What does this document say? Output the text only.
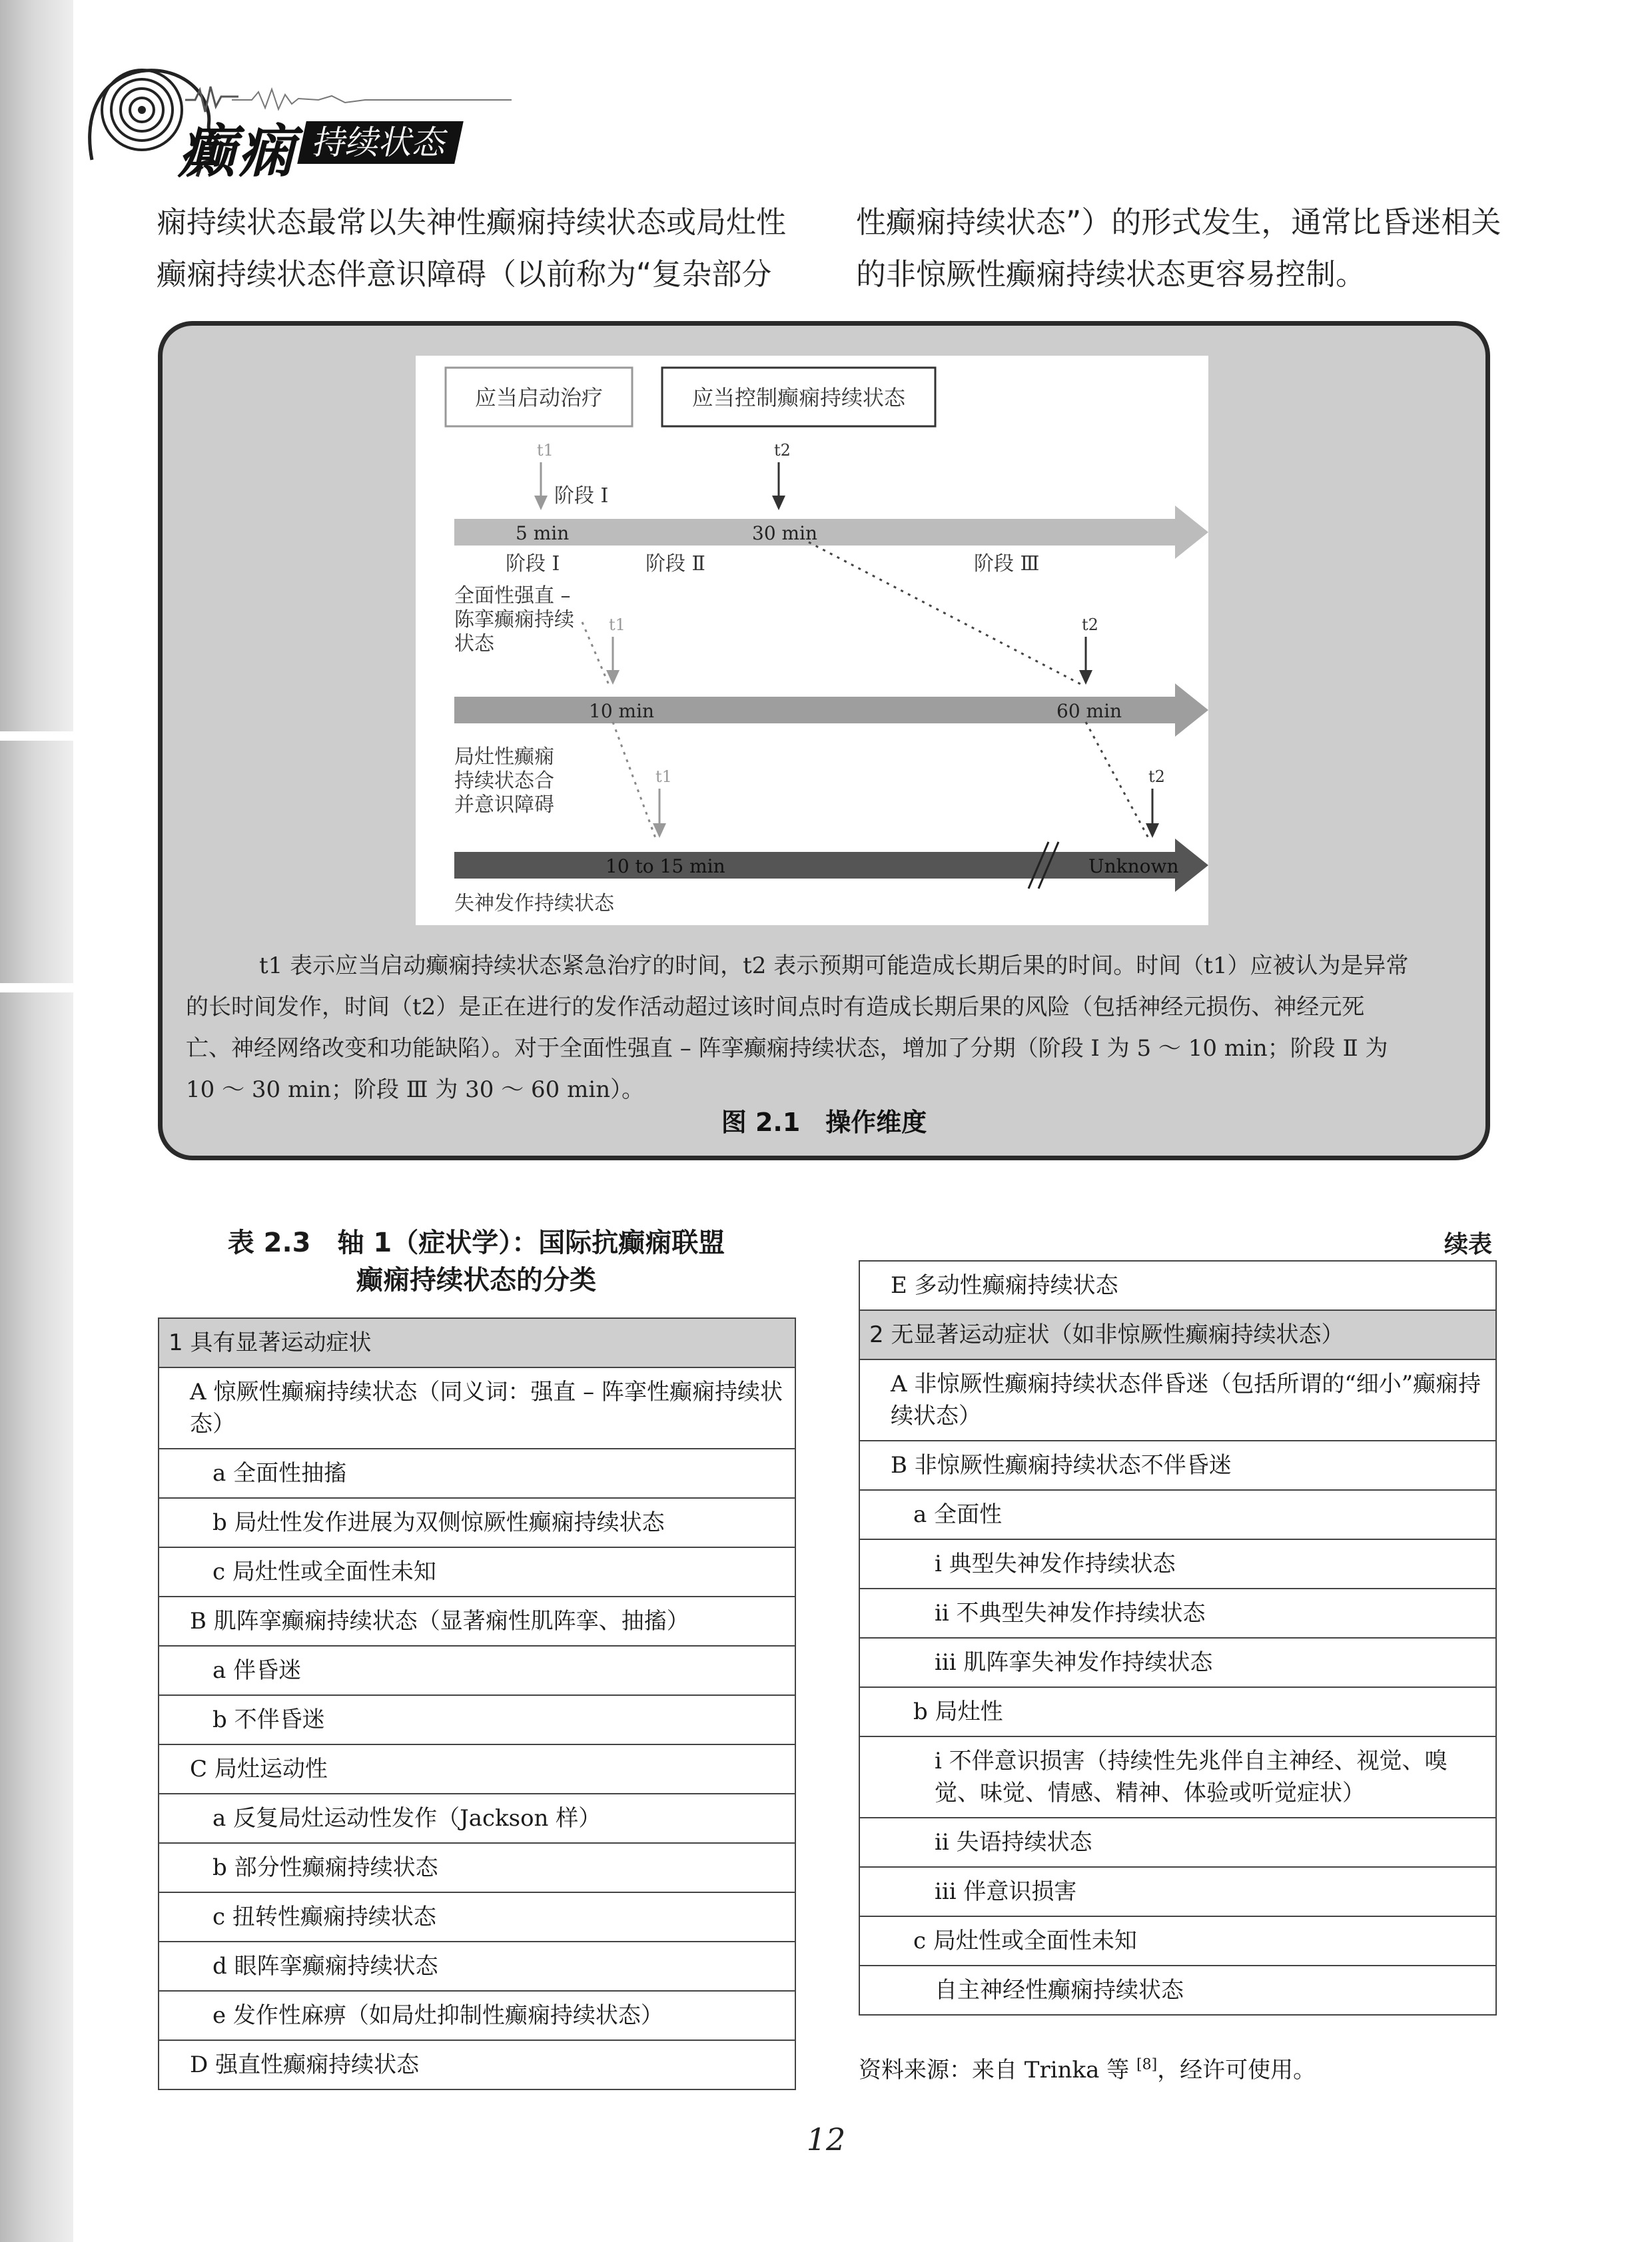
癫痫 持续状态
痫持续状态最常以失神性癫痫持续状态或局灶性
癫痫持续状态伴意识障碍（以前称为“复杂部分
性癫痫持续状态”）的形式发生，通常比昏迷相关
的非惊厥性癫痫持续状态更容易控制。
应当启动治疗	应当控制癫痫持续状态
t1
阶段 Ⅰ
t2
5 min	30 min
阶段 Ⅰ	阶段 Ⅱ	阶段 Ⅲ
全面性强直 – 陈挛癫痫持续 状态
t1	t2
10 min	60 min
局灶性癫痫 持续状态合 并意识障碍
t1	t2
10 to 15 min	Unknown
失神发作持续状态
t1 表示应当启动癫痫持续状态紧急治疗的时间，t2 表示预期可能造成长期后果的时间。时间（t1）应被认为是异常
的长时间发作，时间（t2）是正在进行的发作活动超过该时间点时有造成长期后果的风险（包括神经元损伤、神经元死
亡、神经网络改变和功能缺陷）。对于全面性强直 – 阵挛癫痫持续状态，增加了分期（阶段 Ⅰ 为 5 ～ 10 min；阶段 Ⅱ 为
10 ～ 30 min；阶段 Ⅲ 为 30 ～ 60 min）。
图 2.1　操作维度
表 2.3　轴 1（症状学）：国际抗癫痫联盟
癫痫持续状态的分类
续表
1 具有显著运动症状
A 惊厥性癫痫持续状态（同义词：强直 – 阵挛性癫痫持续状态）
a 全面性抽搐
b 局灶性发作进展为双侧惊厥性癫痫持续状态
c 局灶性或全面性未知
B 肌阵挛癫痫持续状态（显著痫性肌阵挛、抽搐）
a 伴昏迷
b 不伴昏迷
C 局灶运动性
a 反复局灶运动性发作（Jackson 样）
b 部分性癫痫持续状态
c 扭转性癫痫持续状态
d 眼阵挛癫痫持续状态
e 发作性麻痹（如局灶抑制性癫痫持续状态）
D 强直性癫痫持续状态
E 多动性癫痫持续状态
2 无显著运动症状（如非惊厥性癫痫持续状态）
A 非惊厥性癫痫持续状态伴昏迷（包括所谓的“细小”癫痫持续状态）
B 非惊厥性癫痫持续状态不伴昏迷
a 全面性
i 典型失神发作持续状态
ii 不典型失神发作持续状态
iii 肌阵挛失神发作持续状态
b 局灶性
i 不伴意识损害（持续性先兆伴自主神经、视觉、嗅觉、味觉、情感、精神、体验或听觉症状）
ii 失语持续状态
iii 伴意识损害
c 局灶性或全面性未知
自主神经性癫痫持续状态
资料来源：来自 Trinka 等 [8]，经许可使用。
12
